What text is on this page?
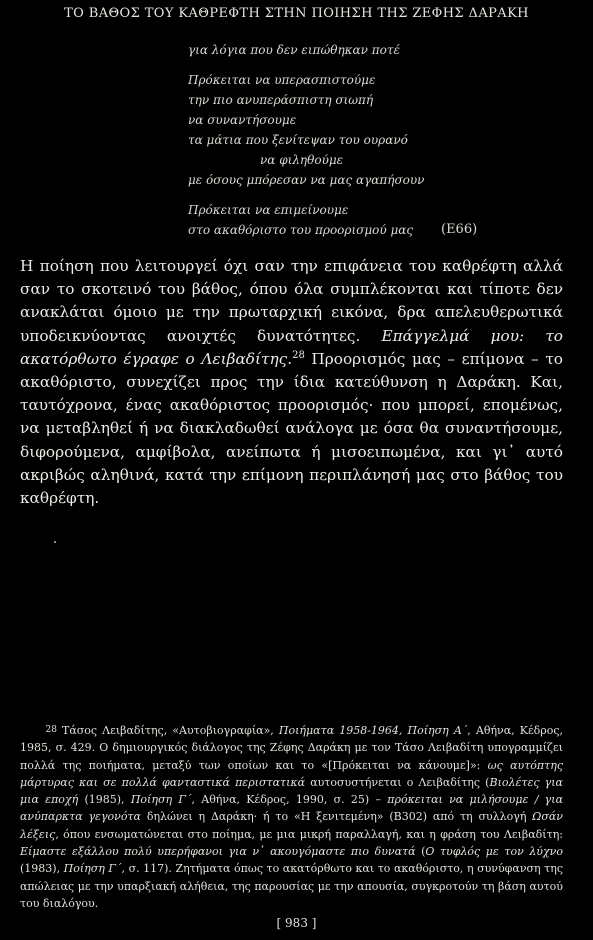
ΤΟ ΒΑΘΟΣ ΤΟΥ ΚΑΘΡΕΦΤΗ ΣΤΗΝ ΠΟΙΗΣΗ ΤΗΣ ΖΕΦΗΣ ΔΑΡΑΚΗ
για λόγια που δεν ειπώθηκαν ποτέ
Πρόκειται να υπερασπιστούμε
την πιο ανυπεράσπιστη σιωπή
να συναντήσουμε
τα μάτια που ξενίτεψαν του ουρανό
να φιληθούμε
με όσους μπόρεσαν να μας αγαπήσουν
Πρόκειται να επιμείνουμε
στο ακαθόριστο του προορισμού μας (Ε66)
Η ποίηση που λειτουργεί όχι σαν την επιφάνεια του καθρέφτη αλλά σαν το σκοτεινό του βάθος, όπου όλα συμπλέκονται και τίποτε δεν ανακλάται όμοιο με την πρωταρχική εικόνα, δρα απελευθερωτικά υποδεικνύοντας ανοιχτές δυνατότητες. Επάγγελμά μου: το ακατόρθωτο έγραφε ο Λειβαδίτης.$^{28}$ Προορισμός μας – επίμονα – το ακαθόριστο, συνεχίζει προς την ίδια κατεύθυνση η Δαράκη. Και, ταυτόχρονα, ένας ακαθόριστος προορισμός· που μπορεί, επομένως, να μεταβληθεί ή να διακλαδωθεί ανάλογα με όσα θα συναντήσουμε, διφορούμενα, αμφίβολα, ανείπωτα ή μισοειπωμένα, και γι᾽ αυτό ακριβώς αληθινά, κατά την επίμονη περιπλάνησή μας στο βάθος του καθρέφτη.
$^{28}$ Τάσος Λειβαδίτης, «Αυτοβιογραφία», Ποιήματα 1958-1964, Ποίηση Α΄, Αθήνα, Κέδρος, 1985, σ. 429. Ο δημιουργικός διάλογος της Ζέφης Δαράκη με τον Τάσο Λειβαδίτη υπογραμμίζει πολλά της ποιήματα, μεταξύ των οποίων και το «[Πρόκειται να κάνουμε]»: ως αυτόπτης μάρτυρας και σε πολλά φανταστικά περιστατικά αυτοσυστήνεται ο Λειβαδίτης (Βιολέτες για μια εποχή (1985), Ποίηση Γ΄, Αθήνα, Κέδρος, 1990, σ. 25) – πρόκειται να μιλήσουμε / για ανύπαρκτα γεγονότα δηλώνει η Δαράκη· ή το «Η ξενιτεμένη» (Β302) από τη συλλογή Ωσάν λέξεις, όπου ενσωματώνεται στο ποίημα, με μια μικρή παραλλαγή, και η φράση του Λειβαδίτη: Είμαστε εξάλλου πολύ υπερήφανοι για ν᾽ ακουγόμαστε πιο δυνατά (Ο τυφλός με τον λύχνο (1983), Ποίηση Γ΄, σ. 117). Ζητήματα όπως το ακατόρθωτο και το ακαθόριστο, η συνύφανση της απώλειας με την υπαρξιακή αλήθεια, της παρουσίας με την απουσία, συγκροτούν τη βάση αυτού του διαλόγου.
[ 983 ]
